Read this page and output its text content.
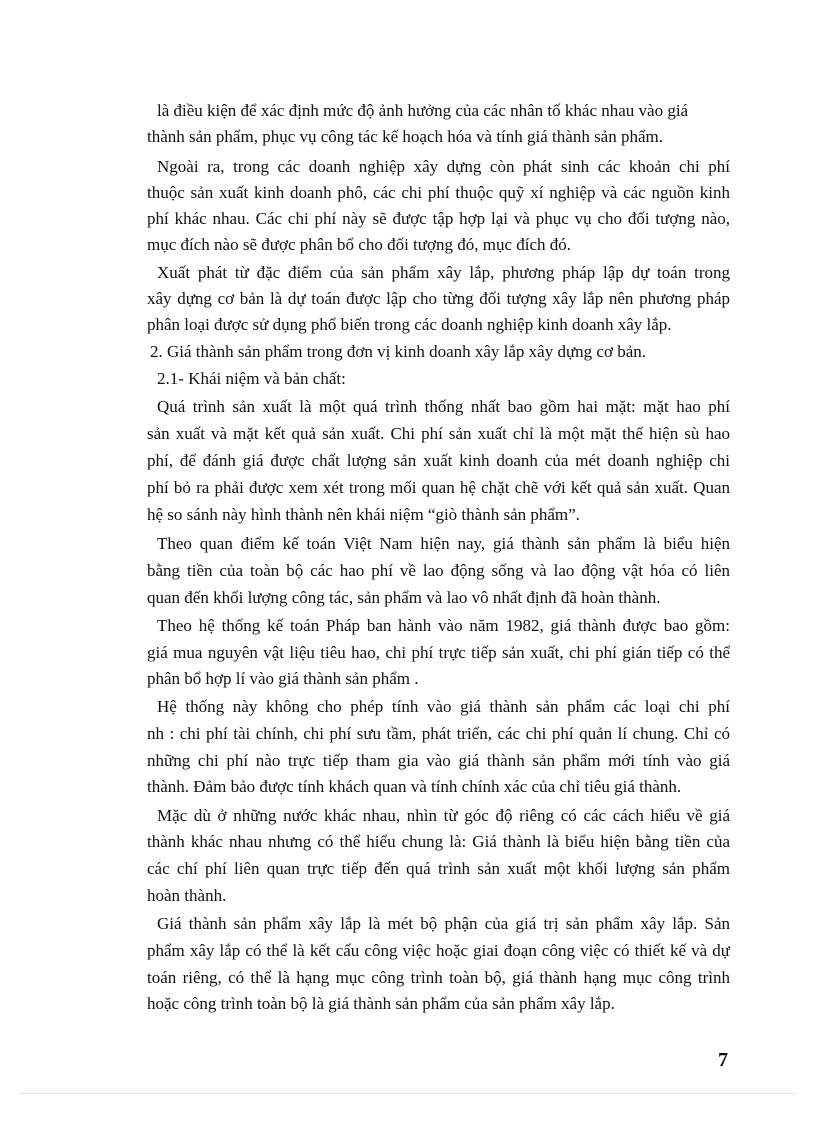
là điều kiện để xác định mức độ ảnh hưởng của các nhân tố khác nhau vào giá
thành sản phẩm, phục vụ công tác kế hoạch hóa và tính giá thành sản phẩm.
Ngoài ra, trong các doanh nghiệp xây dựng còn phát sinh các khoản chi phí
thuộc sản xuất kinh doanh phô, các chi phí thuộc quỹ xí nghiệp và các nguồn kinh
phí khác nhau. Các chi phí này sẽ được tập hợp lại và phục vụ cho đối tượng nào,
mục đích nào sẽ được phân bổ cho đối tượng đó, mục đích đó.
Xuất phát từ đặc điểm của sản phẩm xây lắp, phương pháp lập dự toán trong
xây dựng cơ bản là dự toán được lập cho từng đối tượng xây lắp nên phương pháp
phân loại được sử dụng phổ biến trong các doanh nghiệp kinh doanh xây lắp.
2. Giá thành sản phẩm trong đơn vị kinh doanh xây lắp xây dựng cơ bản.
2.1- Khái niệm và bản chất:
Quá trình sản xuất là một quá trình thống nhất bao gồm hai mặt: mặt hao phí
sản xuất và mặt kết quả sản xuất. Chi phí sản xuất chỉ là một mặt thể hiện sù hao
phí, để đánh giá được chất lượng sản xuất kinh doanh của mét doanh nghiệp chi
phí bỏ ra phải được xem xét trong mối quan hệ chặt chẽ với kết quả sản xuất. Quan
hệ so sánh này hình thành nên khái niệm “giò thành sản phẩm”.
Theo quan điểm kế toán Việt Nam hiện nay, giá thành sản phẩm là biểu hiện
bằng tiền của toàn bộ các hao phí về lao động sống và lao động vật hóa có liên
quan đến khối lượng công tác, sản phẩm và lao vô nhất định đã hoàn thành.
Theo hệ thống kế toán Pháp ban hành vào năm 1982, giá thành được bao gồm:
giá mua nguyên vật liệu tiêu hao, chi phí trực tiếp sản xuất, chi phí gián tiếp có thể
phân bổ hợp lí vào giá thành sản phẩm .
Hệ thống này không cho phép tính vào giá thành sản phẩm các loại chi phí
nh : chi phí tài chính, chi phí sưu tầm, phát triển, các chi phí quản lí chung. Chỉ có
những chi phí nào trực tiếp tham gia vào giá thành sản phẩm mới tính vào giá
thành. Đảm bảo được tính khách quan và tính chính xác của chỉ tiêu giá thành.
Mặc dù ở những nước khác nhau, nhìn từ góc độ riêng có các cách hiểu về giá
thành khác nhau nhưng có thể hiểu chung là: Giá thành là biểu hiện bằng tiền của
các chí phí liên quan trực tiếp đến quá trình sản xuất một khối lượng sản phẩm
hoàn thành.
Giá thành sản phẩm xây lắp là mét bộ phận của giá trị sản phẩm xây lắp. Sản
phẩm xây lắp có thể là kết cấu công việc hoặc giai đoạn công việc có thiết kế và dự
toán riêng, có thể là hạng mục công trình toàn bộ, giá thành hạng mục công trình
hoặc công trình toàn bộ là giá thành sản phẩm của sản phẩm xây lắp.
7
